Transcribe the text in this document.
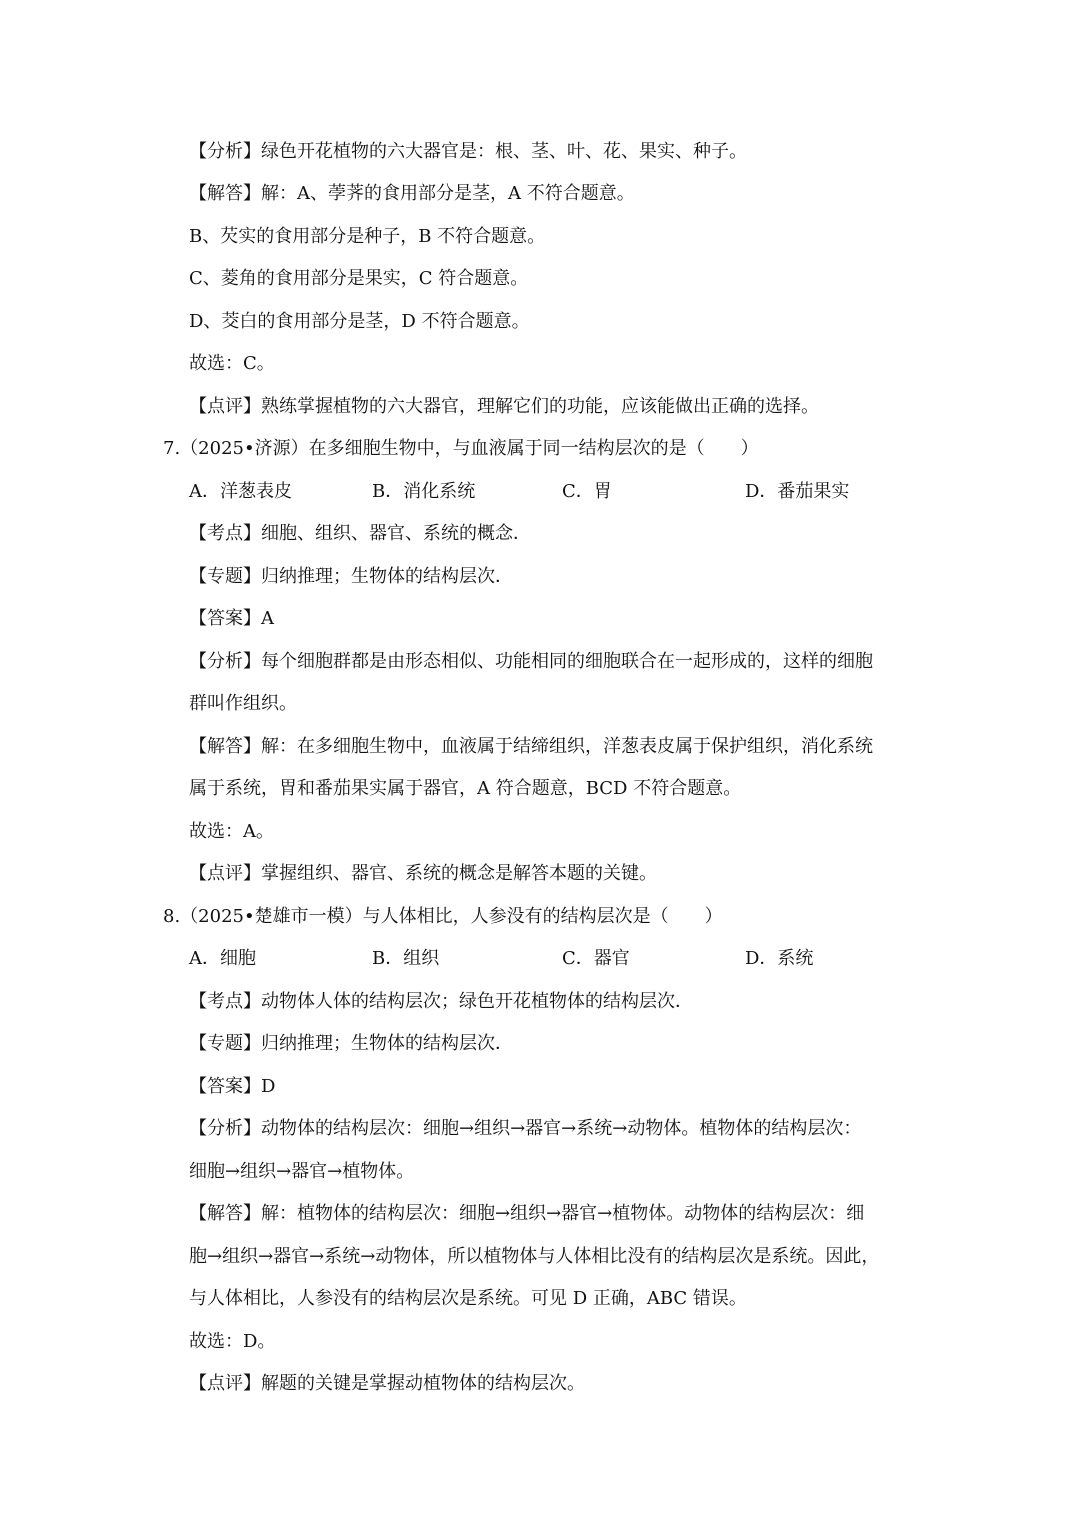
【分析】绿色开花植物的六大器官是：根、茎、叶、花、果实、种子。
【解答】解：A、荸荠的食用部分是茎，A 不符合题意。
B、芡实的食用部分是种子，B 不符合题意。
C、菱角的食用部分是果实，C 符合题意。
D、茭白的食用部分是茎，D 不符合题意。
故选：C。
【点评】熟练掌握植物的六大器官，理解它们的功能，应该能做出正确的选择。
7.（2025•济源）在多细胞生物中，与血液属于同一结构层次的是（　　）
A．洋葱表皮	B．消化系统	C．胃	D．番茄果实
【考点】细胞、组织、器官、系统的概念．
【专题】归纳推理；生物体的结构层次．
【答案】A
【分析】每个细胞群都是由形态相似、功能相同的细胞联合在一起形成的，这样的细胞
群叫作组织。
【解答】解：在多细胞生物中，血液属于结缔组织，洋葱表皮属于保护组织，消化系统
属于系统，胃和番茄果实属于器官，A 符合题意，BCD 不符合题意。
故选：A。
【点评】掌握组织、器官、系统的概念是解答本题的关键。
8.（2025•楚雄市一模）与人体相比，人参没有的结构层次是（　　）
A．细胞	B．组织	C．器官	D．系统
【考点】动物体人体的结构层次；绿色开花植物体的结构层次．
【专题】归纳推理；生物体的结构层次．
【答案】D
【分析】动物体的结构层次：细胞→组织→器官→系统→动物体。植物体的结构层次：
细胞→组织→器官→植物体。
【解答】解：植物体的结构层次：细胞→组织→器官→植物体。动物体的结构层次：细
胞→组织→器官→系统→动物体，所以植物体与人体相比没有的结构层次是系统。因此，
与人体相比，人参没有的结构层次是系统。可见 D 正确，ABC 错误。
故选：D。
【点评】解题的关键是掌握动植物体的结构层次。
